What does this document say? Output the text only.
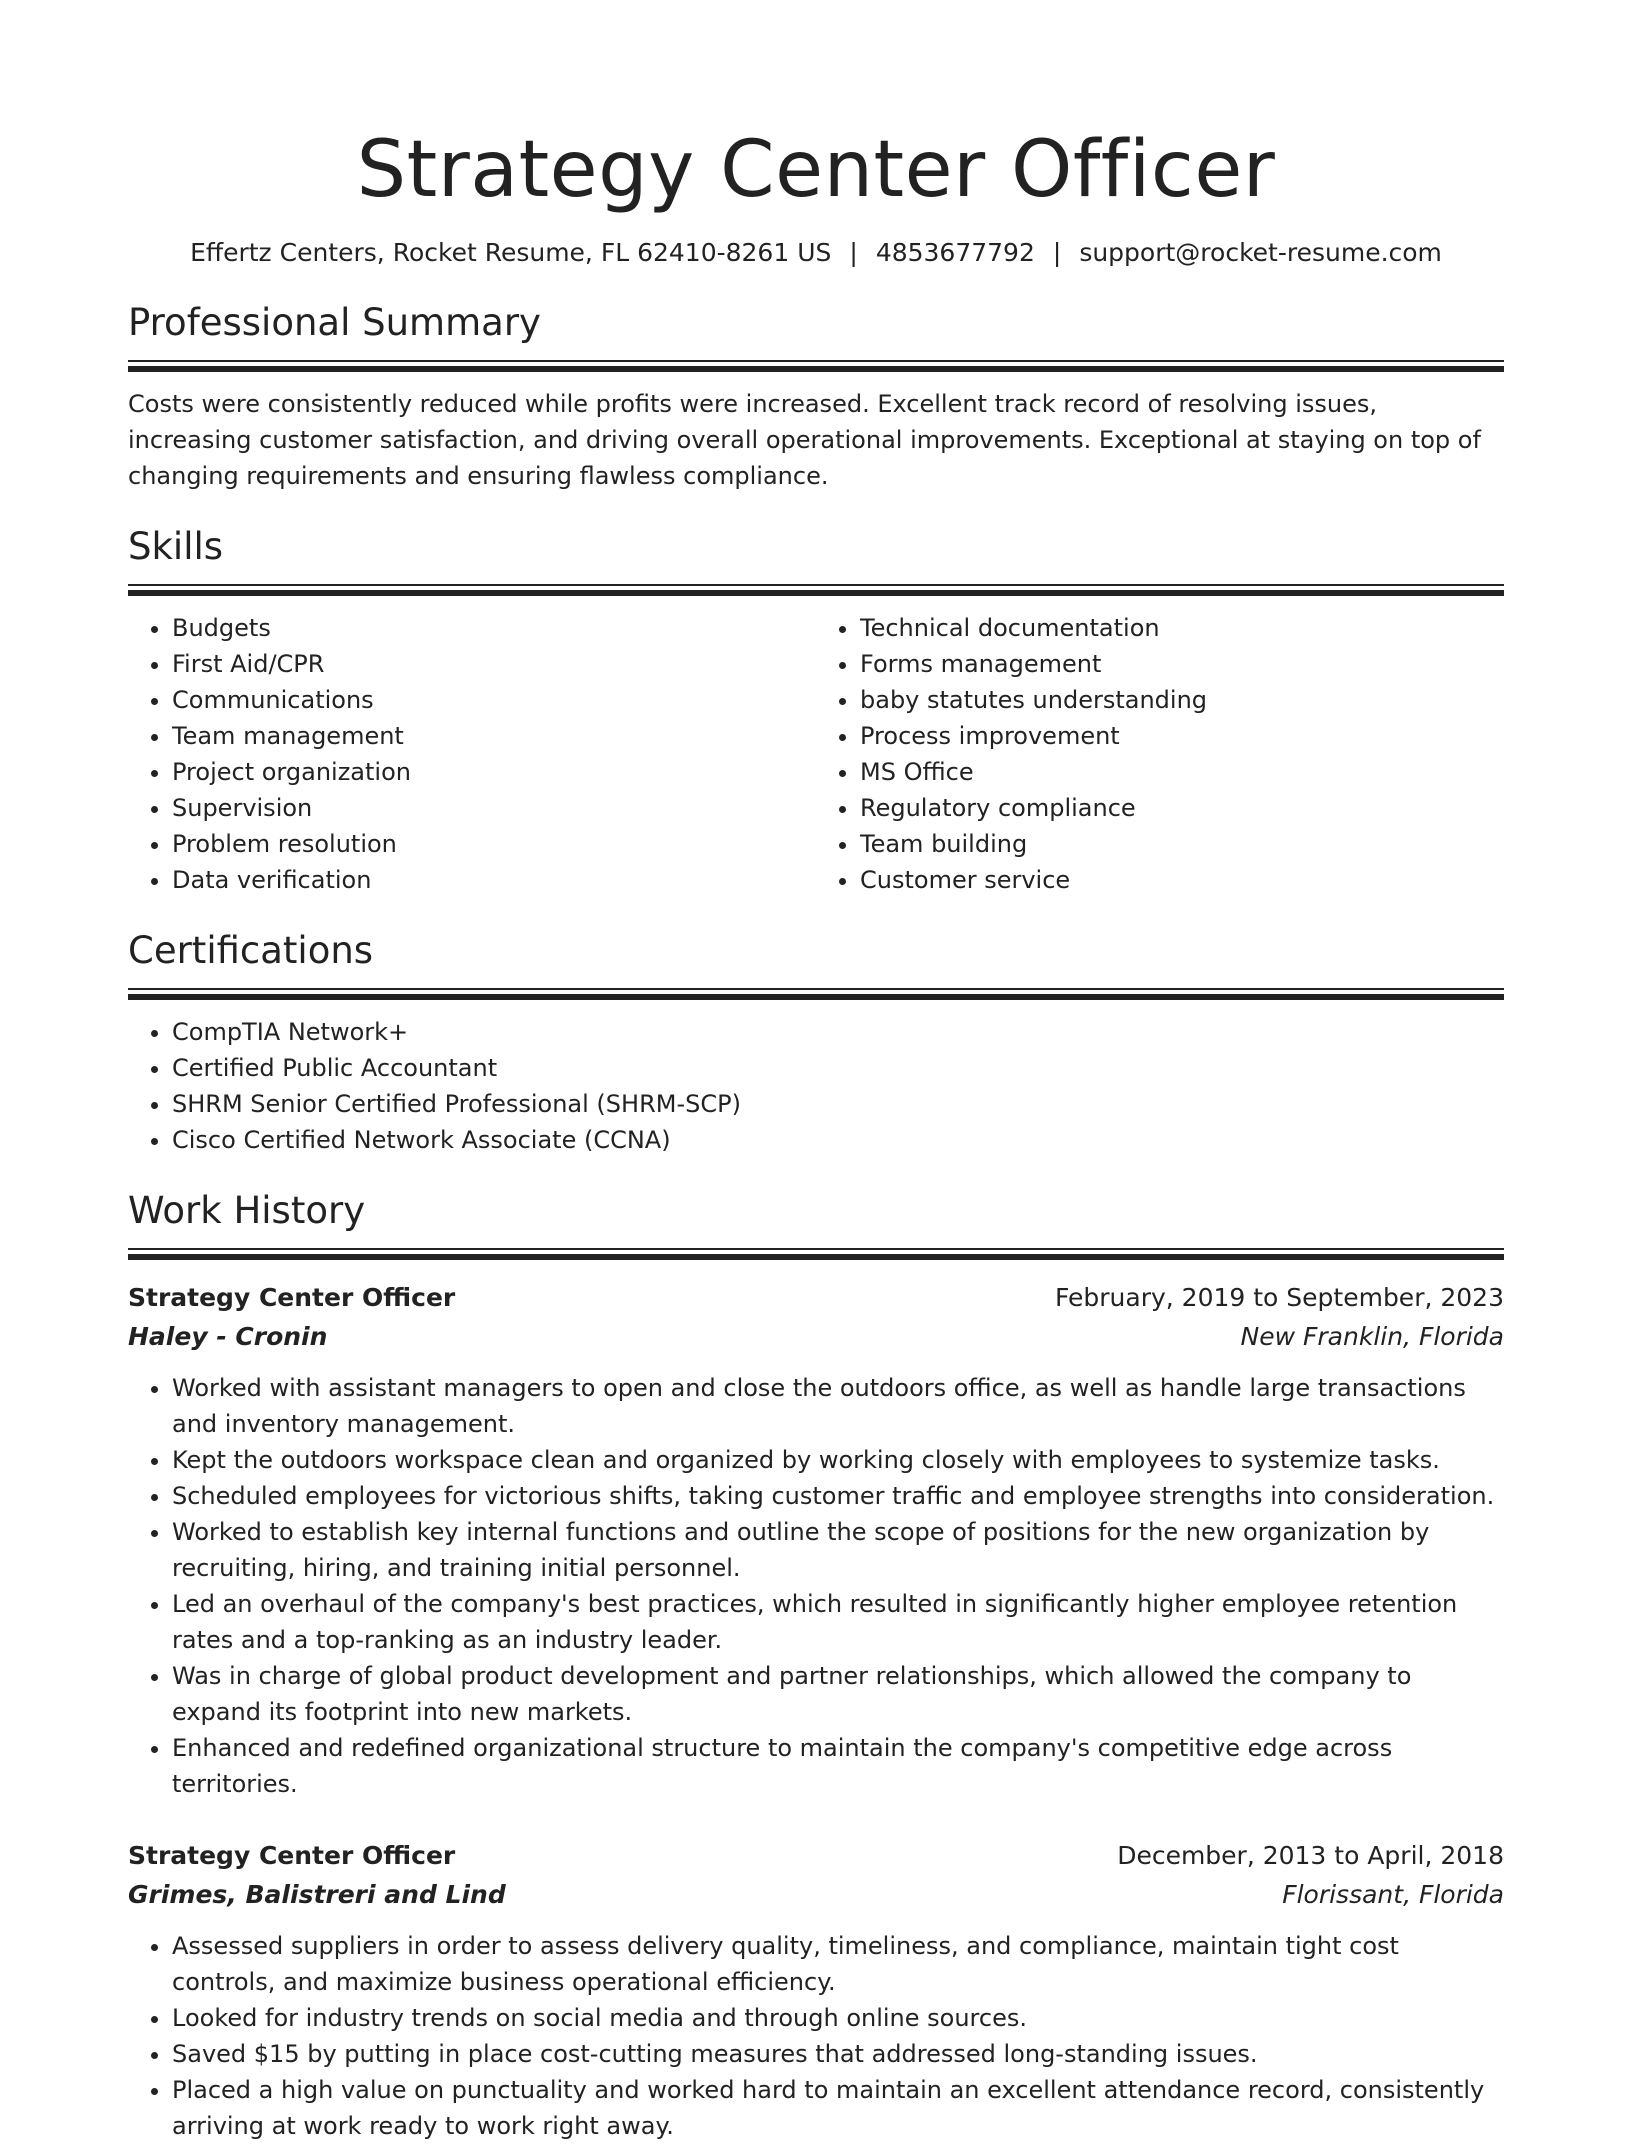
Strategy Center Officer
Effertz Centers, Rocket Resume, FL 62410-8261 US | 4853677792 | support@rocket-resume.com
Professional Summary
Costs were consistently reduced while profits were increased. Excellent track record of resolving issues, increasing customer satisfaction, and driving overall operational improvements. Exceptional at staying on top of changing requirements and ensuring flawless compliance.
Skills
• Budgets
• First Aid/CPR
• Communications
• Team management
• Project organization
• Supervision
• Problem resolution
• Data verification
• Technical documentation
• Forms management
• baby statutes understanding
• Process improvement
• MS Office
• Regulatory compliance
• Team building
• Customer service
Certifications
• CompTIA Network+
• Certified Public Accountant
• SHRM Senior Certified Professional (SHRM-SCP)
• Cisco Certified Network Associate (CCNA)
Work History
Strategy Center Officer	February, 2019 to September, 2023
Haley - Cronin	New Franklin, Florida
• Worked with assistant managers to open and close the outdoors office, as well as handle large transactions and inventory management.
• Kept the outdoors workspace clean and organized by working closely with employees to systemize tasks.
• Scheduled employees for victorious shifts, taking customer traffic and employee strengths into consideration.
• Worked to establish key internal functions and outline the scope of positions for the new organization by recruiting, hiring, and training initial personnel.
• Led an overhaul of the company's best practices, which resulted in significantly higher employee retention rates and a top-ranking as an industry leader.
• Was in charge of global product development and partner relationships, which allowed the company to expand its footprint into new markets.
• Enhanced and redefined organizational structure to maintain the company's competitive edge across territories.
Strategy Center Officer	December, 2013 to April, 2018
Grimes, Balistreri and Lind	Florissant, Florida
• Assessed suppliers in order to assess delivery quality, timeliness, and compliance, maintain tight cost controls, and maximize business operational efficiency.
• Looked for industry trends on social media and through online sources.
• Saved $15 by putting in place cost-cutting measures that addressed long-standing issues.
• Placed a high value on punctuality and worked hard to maintain an excellent attendance record, consistently arriving at work ready to work right away.
